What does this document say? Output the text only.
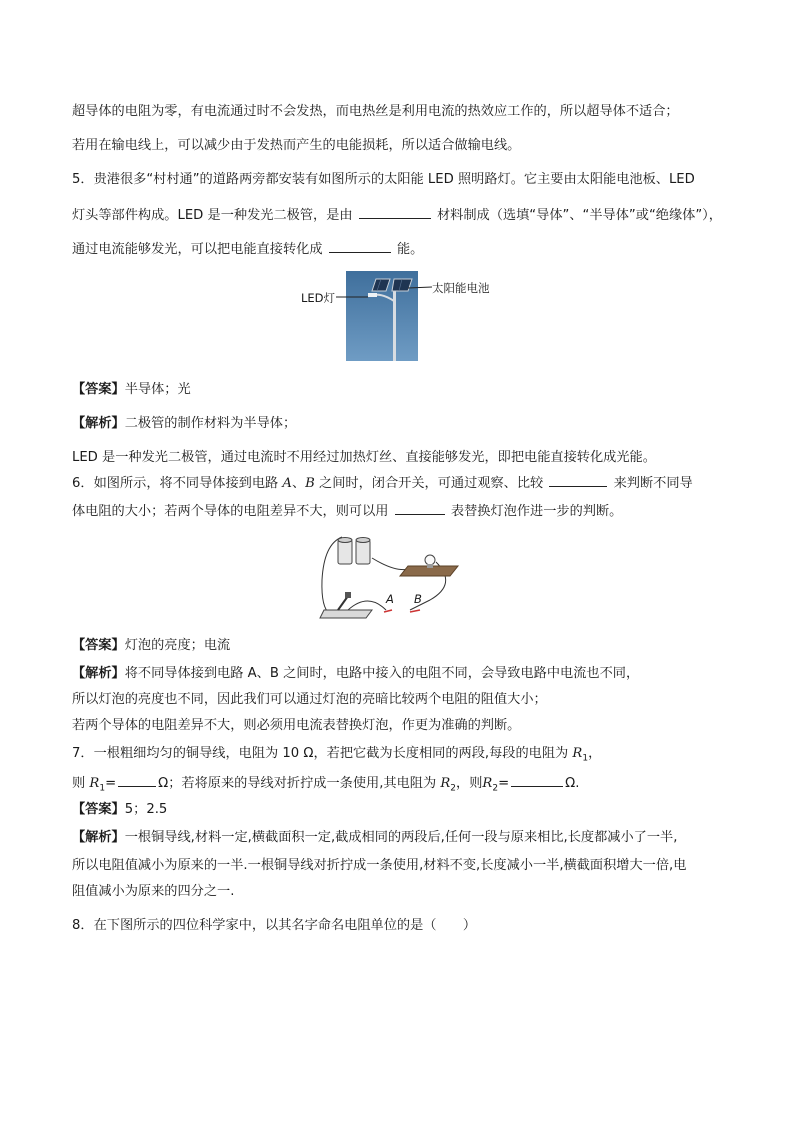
超导体的电阻为零，有电流通过时不会发热，而电热丝是利用电流的热效应工作的，所以超导体不适合；
若用在输电线上，可以减少由于发热而产生的电能损耗，所以适合做输电线。
5．贵港很多“村村通”的道路两旁都安装有如图所示的太阳能 LED 照明路灯。它主要由太阳能电池板、LED
灯头等部件构成。LED 是一种发光二极管，是由	材料制成（选填“导体”、“半导体”或“绝缘体”），
通过电流能够发光，可以把电能直接转化成	能。
LED灯
太阳能电池
【答案】半导体；光
【解析】二极管的制作材料为半导体；
LED 是一种发光二极管，通过电流时不用经过加热灯丝、直接能够发光，即把电能直接转化成光能。
6．如图所示，将不同导体接到电路 A、B 之间时，闭合开关，可通过观察、比较	来判断不同导
体电阻的大小；若两个导体的电阻差异不大，则可以用	表替换灯泡作进一步的判断。
A B
【答案】灯泡的亮度；电流
【解析】将不同导体接到电路 A、B 之间时，电路中接入的电阻不同，会导致电路中电流也不同，
所以灯泡的亮度也不同，因此我们可以通过灯泡的亮暗比较两个电阻的阻值大小；
若两个导体的电阻差异不大，则必须用电流表替换灯泡，作更为准确的判断。
7．一根粗细均匀的铜导线，电阻为 10 Ω，若把它截为长度相同的两段,每段的电阻为 $R_1$，
则 $R_1=$	Ω；若将原来的导线对折拧成一条使用,其电阻为 $R_2$，则$R_2=$	Ω.
【答案】5；2.5
【解析】一根铜导线,材料一定,横截面积一定,截成相同的两段后,任何一段与原来相比,长度都减小了一半,
所以电阻值减小为原来的一半.一根铜导线对折拧成一条使用,材料不变,长度减小一半,横截面积增大一倍,电
阻值减小为原来的四分之一.
8．在下图所示的四位科学家中，以其名字命名电阻单位的是（　　）
